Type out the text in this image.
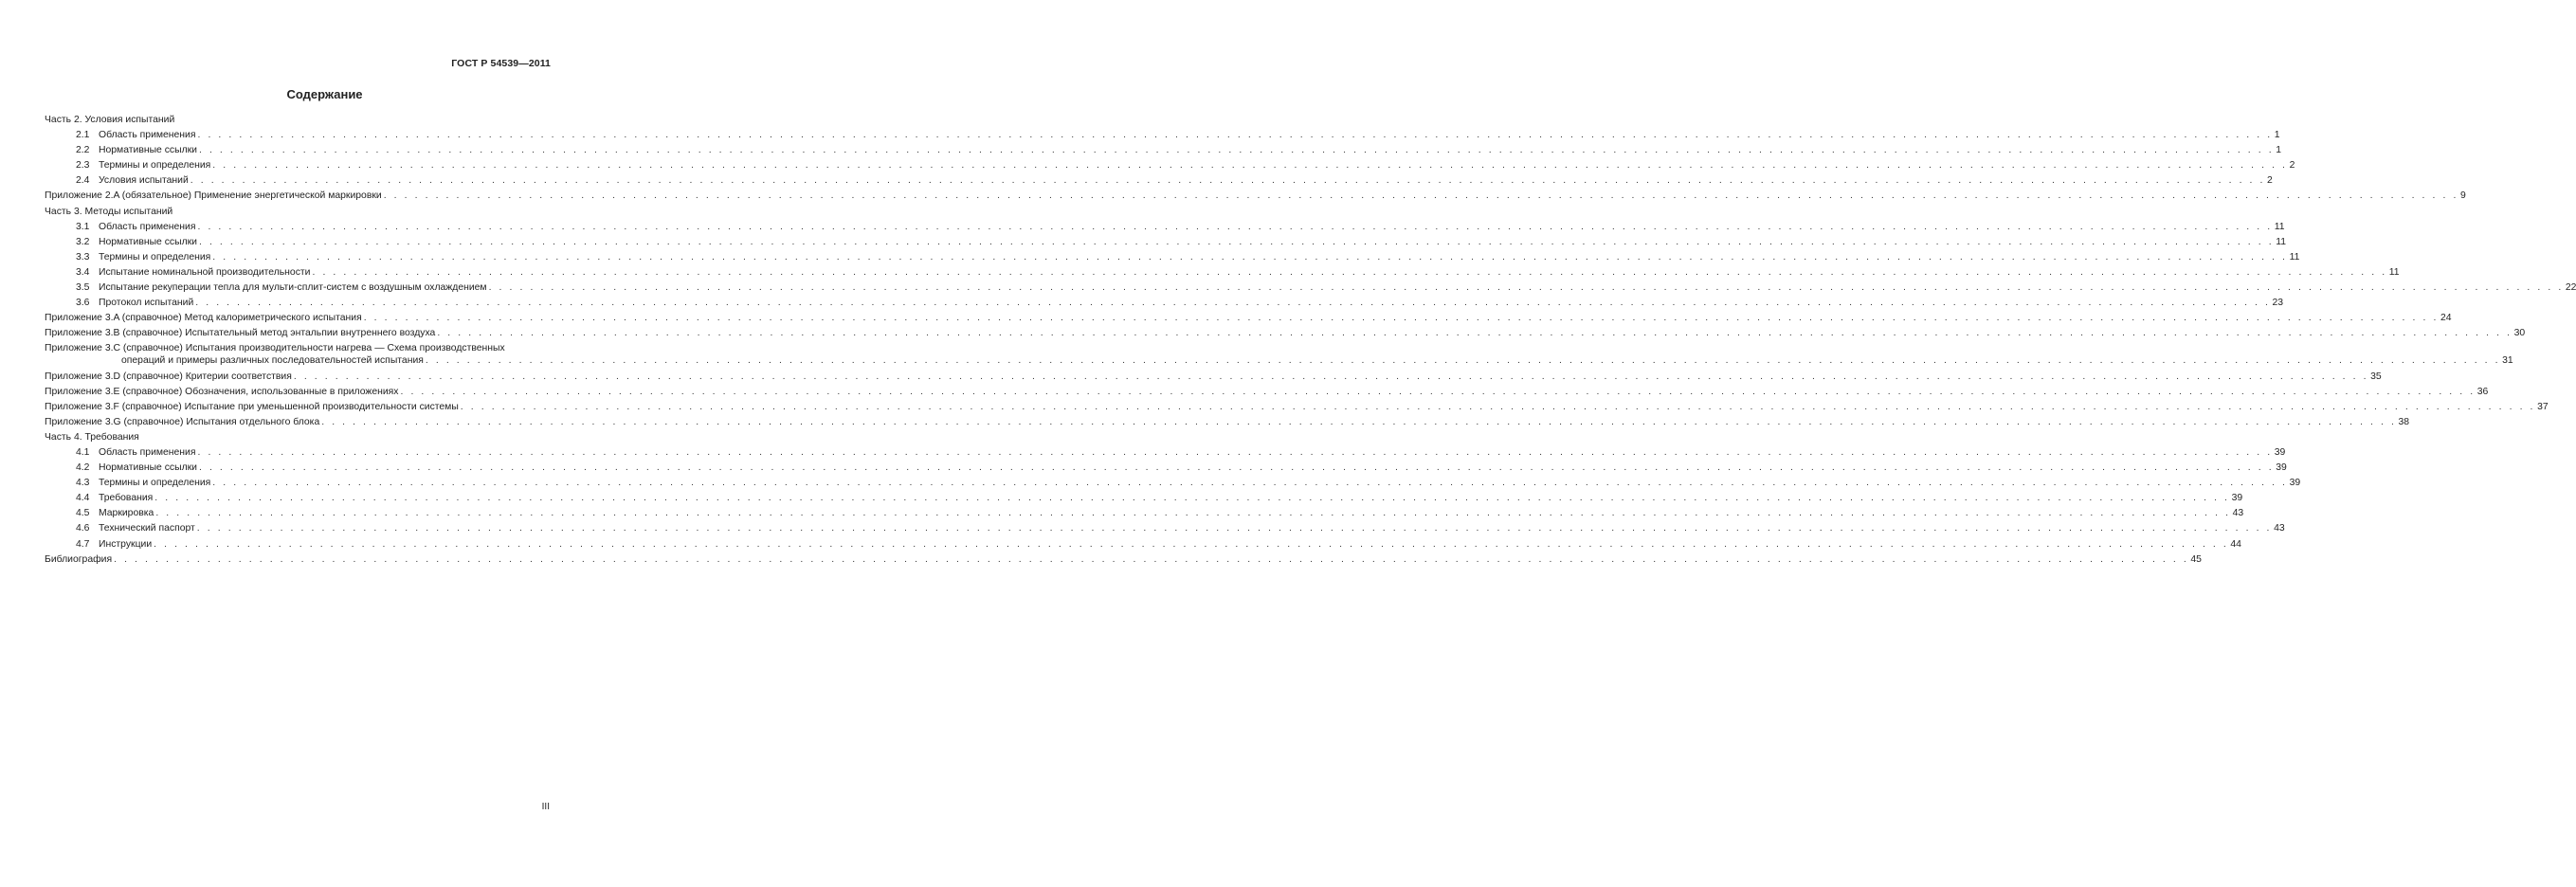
ГОСТ Р 54539—2011
Содержание
Часть 2. Условия испытаний
2.1 Область применения . . . . . . . . . . . . . . . . . . . . . . . . . . . . . . . . . . . . . . . . . . . . . . . . . . . . . . . . . . . . . . . . . . . . . . . . . . . . . . . . . . . . . . . . . . . . . . . . . . . . . . . . . . . . . . . . . . . . . . . . . . . . . . . . . . . . . . . . . . . . . . . . . . . . . . . . . . . . . . . . . . . . . . . . . . . . . . . . . . . . . . . . . . . . . . . . . . . . . . . . 1
2.2 Нормативные ссылки . . . . . . . . . . . . . . . . . . . . . . . . . . . . . . . . . . . . . . . . . . . . . . . . . . . . . . . . . . . . . . . . . . . . . . . . . . . . . . . . . . . . . . . . . . . . . . . . . . . . . . . . . . . . . . . . . . . . . . . . . . . . . . . . . . . . . . . . . . . . . . . . . . . . . . . . . . . . . . . . . . . . . . . . . . . . . . . . . . . . . . . . . . . . . . . . . . . . . . . . 1
2.3 Термины и определения . . . . . . . . . . . . . . . . . . . . . . . . . . . . . . . . . . . . . . . . . . . . . . . . . . . . . . . . . . . . . . . . . . . . . . . . . . . . . . . . . . . . . . . . . . . . . . . . . . . . . . . . . . . . . . . . . . . . . . . . . . . . . . . . . . . . . . . . . . . . . . . . . . . . . . . . . . . . . . . . . . . . . . . . . . . . . . . . . . . . . . . . . . . . . . . . . . . . . . . . 2
2.4 Условия испытаний . . . . . . . . . . . . . . . . . . . . . . . . . . . . . . . . . . . . . . . . . . . . . . . . . . . . . . . . . . . . . . . . . . . . . . . . . . . . . . . . . . . . . . . . . . . . . . . . . . . . . . . . . . . . . . . . . . . . . . . . . . . . . . . . . . . . . . . . . . . . . . . . . . . . . . . . . . . . . . . . . . . . . . . . . . . . . . . . . . . . . . . . . . . . . . . . . . . . . . . . 2
Приложение 2.A (обязательное) Применение энергетической маркировки . . . . . . . . . . . . . . . . . . . . . . . . . . . . . . . . . . . . . . . . . . . . . . . . . . . . . . . . . . . . . . . . . . . . . . . . . . . . . . . . . . . . . . . . . . . . . . . . . . . . . . . . . . . . . . . . . . . . . . . . . . . . . . . . . . . . . . . . . . . . . . . . . . . . . . . . . . . . . . . . . . . . . . . . . . . . . . . . . . . . . . . . . . . . . . . . . . . . . . . . 9
Часть 3. Методы испытаний
3.1 Область применения . . . . . . . . . . . . . . . . . . . . . . . . . . . . . . . . . . . . . . . . . . . . . . . . . . . . . . . . . . . . . . . . . . . . . . . . . . . . . . . . . . . . . . . . . . . . . . . . . . . . . . . . . . . . . . . . . . . . . . . . . . . . . . . . . . . . . . . . . . . . . . . . . . . . . . . . . . . . . . . . . . . . . . . . . . . . . . . . . . . . . . . . . . . . . . . . . . . . . . . . 11
3.2 Нормативные ссылки . . . . . . . . . . . . . . . . . . . . . . . . . . . . . . . . . . . . . . . . . . . . . . . . . . . . . . . . . . . . . . . . . . . . . . . . . . . . . . . . . . . . . . . . . . . . . . . . . . . . . . . . . . . . . . . . . . . . . . . . . . . . . . . . . . . . . . . . . . . . . . . . . . . . . . . . . . . . . . . . . . . . . . . . . . . . . . . . . . . . . . . . . . . . . . . . . . . . . . . . 11
3.3 Термины и определения . . . . . . . . . . . . . . . . . . . . . . . . . . . . . . . . . . . . . . . . . . . . . . . . . . . . . . . . . . . . . . . . . . . . . . . . . . . . . . . . . . . . . . . . . . . . . . . . . . . . . . . . . . . . . . . . . . . . . . . . . . . . . . . . . . . . . . . . . . . . . . . . . . . . . . . . . . . . . . . . . . . . . . . . . . . . . . . . . . . . . . . . . . . . . . . . . . . . . . . . 11
3.4 Испытание номинальной производительности . . . . . . . . . . . . . . . . . . . . . . . . . . . . . . . . . . . . . . . . . . . . . . . . . . . . . . . . . . . . . . . . . . . . . . . . . . . . . . . . . . . . . . . . . . . . . . . . . . . . . . . . . . . . . . . . . . . . . . . . . . . . . . . . . . . . . . . . . . . . . . . . . . . . . . . . . . . . . . . . . . . . . . . . . . . . . . . . . . . . . . . . . . . . . . . . . . . . . . . . 11
3.5 Испытание рекуперации тепла для мульти-сплит-систем с воздушным охлаждением . . . . . . . . . . . . . . . . . . . . . . . . . . . . . . . . . . . . . . . . . . . . . . . . . . . . . . . . . . . . . . . . . . . . . . . . . . . . . . . . . . . . . . . . . . . . . . . . . . . . . . . . . . . . . . . . . . . . . . . . . . . . . . . . . . . . . . . . . . . . . . . . . . . . . . . . . . . . . . . . . . . . . . . . . . . . . . . . . . . . . . . . . . . . . . . . . . . . . . . . 22
3.6 Протокол испытаний . . . . . . . . . . . . . . . . . . . . . . . . . . . . . . . . . . . . . . . . . . . . . . . . . . . . . . . . . . . . . . . . . . . . . . . . . . . . . . . . . . . . . . . . . . . . . . . . . . . . . . . . . . . . . . . . . . . . . . . . . . . . . . . . . . . . . . . . . . . . . . . . . . . . . . . . . . . . . . . . . . . . . . . . . . . . . . . . . . . . . . . . . . . . . . . . . . . . . . . . 23
Приложение 3.A (справочное) Метод калориметрического испытания . . . . . . . . . . . . . . . . . . . . . . . . . . . . . . . . . . . . . . . . . . . . . . . . . . . . . . . . . . . . . . . . . . . . . . . . . . . . . . . . . . . . . . . . . . . . . . . . . . . . . . . . . . . . . . . . . . . . . . . . . . . . . . . . . . . . . . . . . . . . . . . . . . . . . . . . . . . . . . . . . . . . . . . . . . . . . . . . . . . . . . . . . . . . . . . . . . . . . . . . 24
Приложение 3.B (справочное) Испытательный метод энтальпии внутреннего воздуха . . . . . . . . . . . . . . . . . . . . . . . . . . . . . . . . . . . . . . . . . . . . . . . . . . . . . . . . . . . . . . . . . . . . . . . . . . . . . . . . . . . . . . . . . . . . . . . . . . . . . . . . . . . . . . . . . . . . . . . . . . . . . . . . . . . . . . . . . . . . . . . . . . . . . . . . . . . . . . . . . . . . . . . . . . . . . . . . . . . . . . . . . . . . . . . . . . . . . . . . 30
Приложение 3.C (справочное) Испытания производительности нагрева — Схема производственных
операций и примеры различных последовательностей испытания . . . . . . . . . . . . . . . . . . . . . . . . . . . . . . . . . . . . . . . . . . . . . . . . . . . . . . . . . . . . . . . . . . . . . . . . . . . . . . . . . . . . . . . . . . . . . . . . . . . . . . . . . . . . . . . . . . . . . . . . . . . . . . . . . . . . . . . . . . . . . . . . . . . . . . . . . . . . . . . . . . . . . . . . . . . . . . . . . . . . . . . . . . . . . . . . . . . . . . . . 31
Приложение 3.D (справочное) Критерии соответствия . . . . . . . . . . . . . . . . . . . . . . . . . . . . . . . . . . . . . . . . . . . . . . . . . . . . . . . . . . . . . . . . . . . . . . . . . . . . . . . . . . . . . . . . . . . . . . . . . . . . . . . . . . . . . . . . . . . . . . . . . . . . . . . . . . . . . . . . . . . . . . . . . . . . . . . . . . . . . . . . . . . . . . . . . . . . . . . . . . . . . . . . . . . . . . . . . . . . . . . . 35
Приложение 3.E (справочное) Обозначения, использованные в приложениях . . . . . . . . . . . . . . . . . . . . . . . . . . . . . . . . . . . . . . . . . . . . . . . . . . . . . . . . . . . . . . . . . . . . . . . . . . . . . . . . . . . . . . . . . . . . . . . . . . . . . . . . . . . . . . . . . . . . . . . . . . . . . . . . . . . . . . . . . . . . . . . . . . . . . . . . . . . . . . . . . . . . . . . . . . . . . . . . . . . . . . . . . . . . . . . . . . . . . . . . 36
Приложение 3.F (справочное) Испытание при уменьшенной производительности системы . . . . . . . . . . . . . . . . . . . . . . . . . . . . . . . . . . . . . . . . . . . . . . . . . . . . . . . . . . . . . . . . . . . . . . . . . . . . . . . . . . . . . . . . . . . . . . . . . . . . . . . . . . . . . . . . . . . . . . . . . . . . . . . . . . . . . . . . . . . . . . . . . . . . . . . . . . . . . . . . . . . . . . . . . . . . . . . . . . . . . . . . . . . . . . . . . . . . . . . . 37
Приложение 3.G (справочное) Испытания отдельного блока . . . . . . . . . . . . . . . . . . . . . . . . . . . . . . . . . . . . . . . . . . . . . . . . . . . . . . . . . . . . . . . . . . . . . . . . . . . . . . . . . . . . . . . . . . . . . . . . . . . . . . . . . . . . . . . . . . . . . . . . . . . . . . . . . . . . . . . . . . . . . . . . . . . . . . . . . . . . . . . . . . . . . . . . . . . . . . . . . . . . . . . . . . . . . . . . . . . . . . . . 38
Часть 4. Требования
4.1 Область применения . . . . . . . . . . . . . . . . . . . . . . . . . . . . . . . . . . . . . . . . . . . . . . . . . . . . . . . . . . . . . . . . . . . . . . . . . . . . . . . . . . . . . . . . . . . . . . . . . . . . . . . . . . . . . . . . . . . . . . . . . . . . . . . . . . . . . . . . . . . . . . . . . . . . . . . . . . . . . . . . . . . . . . . . . . . . . . . . . . . . . . . . . . . . . . . . . . . . . . . . 39
4.2 Нормативные ссылки . . . . . . . . . . . . . . . . . . . . . . . . . . . . . . . . . . . . . . . . . . . . . . . . . . . . . . . . . . . . . . . . . . . . . . . . . . . . . . . . . . . . . . . . . . . . . . . . . . . . . . . . . . . . . . . . . . . . . . . . . . . . . . . . . . . . . . . . . . . . . . . . . . . . . . . . . . . . . . . . . . . . . . . . . . . . . . . . . . . . . . . . . . . . . . . . . . . . . . . . 39
4.3 Термины и определения . . . . . . . . . . . . . . . . . . . . . . . . . . . . . . . . . . . . . . . . . . . . . . . . . . . . . . . . . . . . . . . . . . . . . . . . . . . . . . . . . . . . . . . . . . . . . . . . . . . . . . . . . . . . . . . . . . . . . . . . . . . . . . . . . . . . . . . . . . . . . . . . . . . . . . . . . . . . . . . . . . . . . . . . . . . . . . . . . . . . . . . . . . . . . . . . . . . . . . . . 39
4.4 Требования . . . . . . . . . . . . . . . . . . . . . . . . . . . . . . . . . . . . . . . . . . . . . . . . . . . . . . . . . . . . . . . . . . . . . . . . . . . . . . . . . . . . . . . . . . . . . . . . . . . . . . . . . . . . . . . . . . . . . . . . . . . . . . . . . . . . . . . . . . . . . . . . . . . . . . . . . . . . . . . . . . . . . . . . . . . . . . . . . . . . . . . . . . . . . . . . . . . . . . . . 39
4.5 Маркировка . . . . . . . . . . . . . . . . . . . . . . . . . . . . . . . . . . . . . . . . . . . . . . . . . . . . . . . . . . . . . . . . . . . . . . . . . . . . . . . . . . . . . . . . . . . . . . . . . . . . . . . . . . . . . . . . . . . . . . . . . . . . . . . . . . . . . . . . . . . . . . . . . . . . . . . . . . . . . . . . . . . . . . . . . . . . . . . . . . . . . . . . . . . . . . . . . . . . . . . . 43
4.6 Технический паспорт . . . . . . . . . . . . . . . . . . . . . . . . . . . . . . . . . . . . . . . . . . . . . . . . . . . . . . . . . . . . . . . . . . . . . . . . . . . . . . . . . . . . . . . . . . . . . . . . . . . . . . . . . . . . . . . . . . . . . . . . . . . . . . . . . . . . . . . . . . . . . . . . . . . . . . . . . . . . . . . . . . . . . . . . . . . . . . . . . . . . . . . . . . . . . . . . . . . . . . . . 43
4.7 Инструкции . . . . . . . . . . . . . . . . . . . . . . . . . . . . . . . . . . . . . . . . . . . . . . . . . . . . . . . . . . . . . . . . . . . . . . . . . . . . . . . . . . . . . . . . . . . . . . . . . . . . . . . . . . . . . . . . . . . . . . . . . . . . . . . . . . . . . . . . . . . . . . . . . . . . . . . . . . . . . . . . . . . . . . . . . . . . . . . . . . . . . . . . . . . . . . . . . . . . . . . . 44
Библиография . . . . . . . . . . . . . . . . . . . . . . . . . . . . . . . . . . . . . . . . . . . . . . . . . . . . . . . . . . . . . . . . . . . . . . . . . . . . . . . . . . . . . . . . . . . . . . . . . . . . . . . . . . . . . . . . . . . . . . . . . . . . . . . . . . . . . . . . . . . . . . . . . . . . . . . . . . . . . . . . . . . . . . . . . . . . . . . . . . . . . . . . . . . . . . . . . . . . . . . . 45
III
